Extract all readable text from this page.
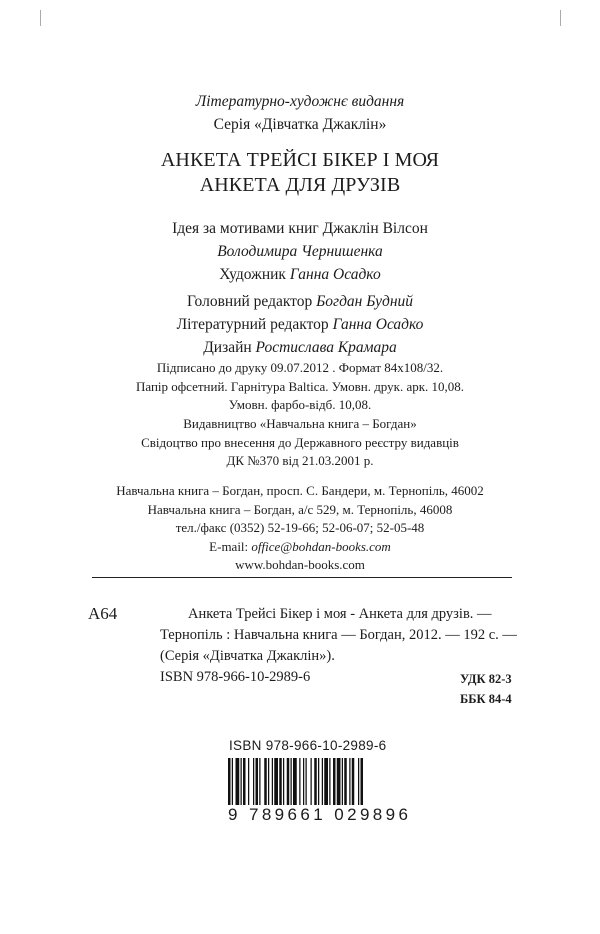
Літературно-художнє видання
Серія «Дівчатка Джаклін»
АНКЕТА ТРЕЙСІ БІКЕР І МОЯ
АНКЕТА ДЛЯ ДРУЗІВ
Ідея за мотивами книг Джаклін Вілсон
Володимира Чернишенка
Художник Ганна Осадко
Головний редактор Богдан Будний
Літературний редактор Ганна Осадко
Дизайн Ростислава Крамара
Підписано до друку 09.07.2012 . Формат 84х108/32.
Папір офсетний. Гарнітура Baltica. Умовн. друк. арк. 10,08.
Умовн. фарбо-відб. 10,08.
Видавництво «Навчальна книга – Богдан»
Свідоцтво про внесення до Державного реєстру видавців
ДК №370 від 21.03.2001 р.
Навчальна книга – Богдан, просп. С. Бандери, м. Тернопіль, 46002
Навчальна книга – Богдан, а/с 529, м. Тернопіль, 46008
тел./факс (0352) 52-19-66; 52-06-07; 52-05-48
E-mail: office@bohdan-books.com
www.bohdan-books.com
А64	Анкета Трейсі Бікер і моя - Анкета для друзів. —
Тернопіль : Навчальна книга — Богдан, 2012. — 192 с. —
(Серія «Дівчатка Джаклін»).
ISBN 978-966-10-2989-6	УДК 82-3
ББК 84-4
ISBN 978-966-10-2989-6
9 789661 029896
